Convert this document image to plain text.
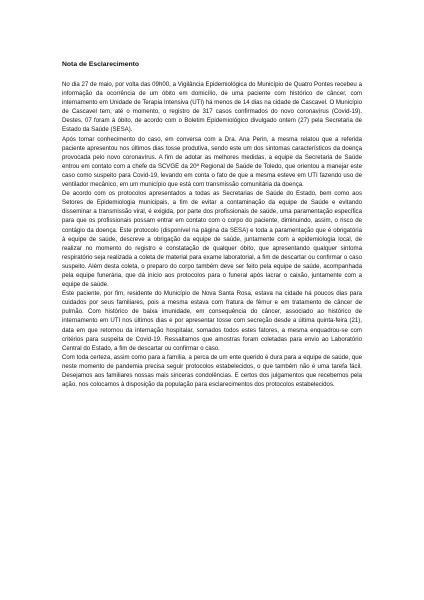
Nota de Esclarecimento

No dia 27 de maio, por volta das 09h00, a Vigilância Epidemiológica do Município de Quatro Pontes recebeu a informação da ocorrência de um óbito em domicílio, de uma paciente com histórico de câncer, com internamento em Unidade de Terapia Intensiva (UTI) há menos de 14 dias na cidade de Cascavel. O Município de Cascavel tem, até o momento, o registro de 317 casos confirmados do novo coronavírus (Covid-19). Destes, 07 foram à óbito, de acordo com o Boletim Epidemiológico divulgado ontem (27) pela Secretaria de Estado da Saúde (SESA).

Após tomar conhecimento do caso, em conversa com a Dra. Ana Perin, a mesma relatou que a referida paciente apresentou nos últimos dias tosse produtiva, sendo este um dos sintomas característicos da doença provocada pelo novo coronavírus. A fim de adotar as melhores medidas, a equipe da Secretaria de Saúde entrou em contato com a chefe da SCVGE da 20ª Regional de Saúde de Toledo, que orientou a manejar este caso como suspeito para Covid-19, levando em conta o fato de que a mesma esteve em UTI fazendo uso de ventilador mecânico, em um município que está com transmissão comunitária da doença.

De acordo com os protocolos apresentados a todas as Secretarias de Saúde do Estado, bem como aos Setores de Epidemiologia municipais, a fim de evitar a contaminação da equipe de Saúde e evitando disseminar a transmissão viral, é exigida, por parte dos profissionais de saúde, uma paramentação específica para que os profissionais possam entrar em contato com o corpo do paciente, diminuindo, assim, o risco de contágio da doença. Este protocolo (disponível na página da SESA) e toda a paramentação que é obrigatória à equipe de saúde, descreve a obrigação da equipe de saúde, juntamente com a epidemiologia local, de realizar no momento do registro e constatação de qualquer óbito, que apresentando qualquer sintoma respiratório seja realizada a coleta de material para exame laboratorial, a fim de descartar ou confirmar o caso suspeito. Além desta coleta, o preparo do corpo também deve ser feito pela equipe de saúde, acompanhada pela equipe funerária, que dá início aos protocolos para o funeral após lacrar o caixão, juntamente com a equipe de saúde.

Este paciente, por fim, residente do Município de Nova Santa Rosa, estava na cidade há poucos dias para cuidados por seus familiares, pois a mesma estava com fratura de fêmur e em tratamento de câncer de pulmão. Com histórico de baixa imunidade, em consequência do câncer, associado ao histórico de internamento em UTI nos últimos dias e por apresentar tosse com secreção desde a última quinta-feira (21), data em que retornou da internação hospitalar, somados todos estes fatores, a mesma enquadrou-se com critérios para suspeita de Covid-19. Ressaltamos que amostras foram coletadas para envio ao Laboratório Central do Estado, a fim de descartar ou confirmar o caso.

Com toda certeza, assim como para a família, a perca de um ente querido é dura para a equipe de saúde, que neste momento de pandemia precisa seguir protocolos estabelecidos, o que também não é uma tarefa fácil. Desejamos aos familiares nossas mais sinceras condolências. E certos dos julgamentos que recebemos pela ação, nos colocamos à disposição da população para esclarecimentos dos protocolos estabelecidos.
